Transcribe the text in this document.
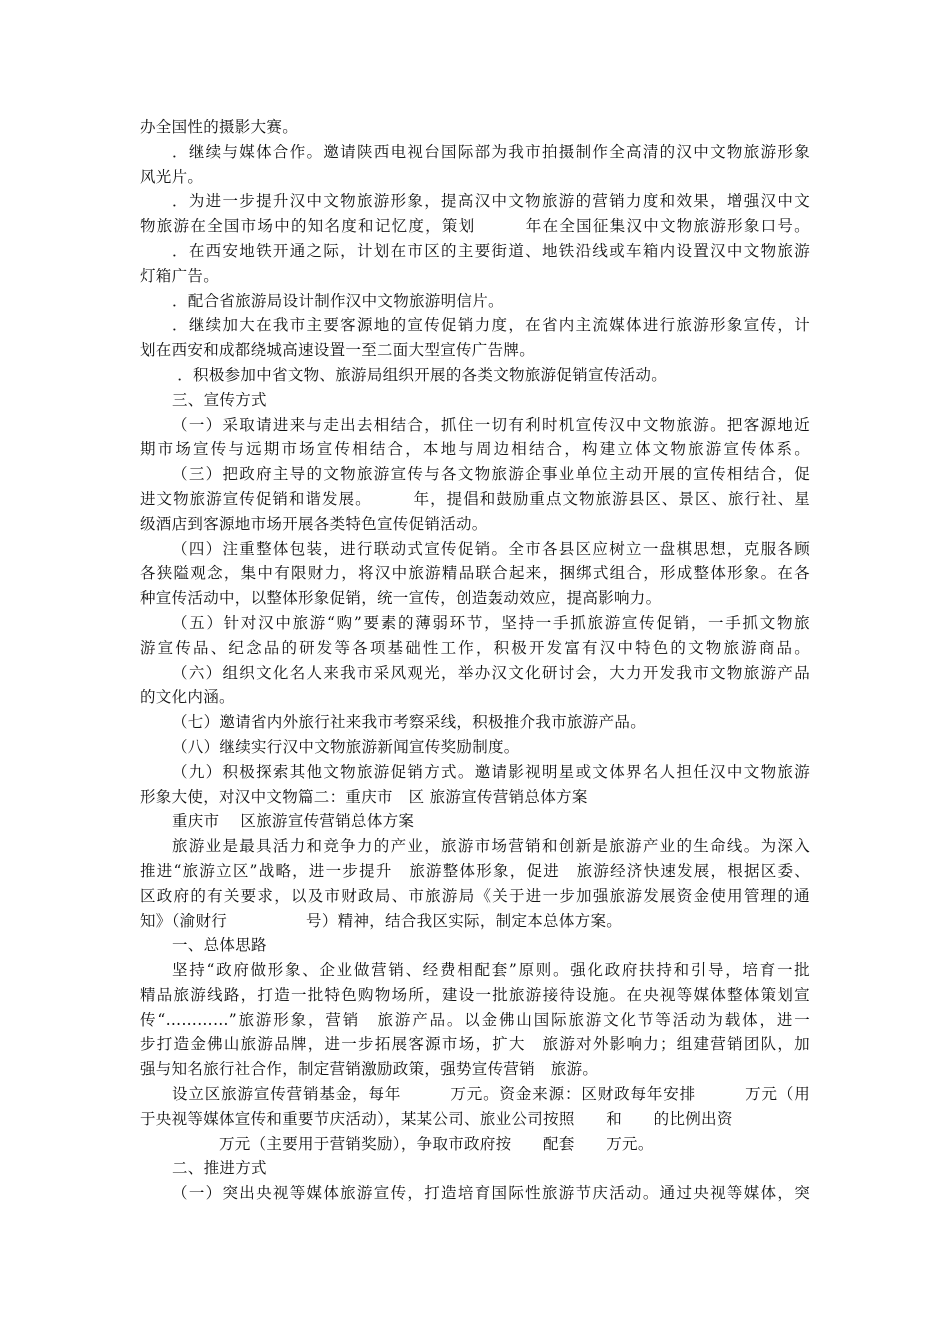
办全国性的摄影大赛。
．继续与媒体合作。邀请陕西电视台国际部为我市拍摄制作全高清的汉中文物旅游形象
风光片。
．为进一步提升汉中文物旅游形象，提高汉中文物旅游的营销力度和效果，增强汉中文
物旅游在全国市场中的知名度和记忆度，策划　　　年在全国征集汉中文物旅游形象口号。
．在西安地铁开通之际，计划在市区的主要街道、地铁沿线或车箱内设置汉中文物旅游
灯箱广告。
．配合省旅游局设计制作汉中文物旅游明信片。
．继续加大在我市主要客源地的宣传促销力度，在省内主流媒体进行旅游形象宣传，计
划在西安和成都绕城高速设置一至二面大型宣传广告牌。
．积极参加中省文物、旅游局组织开展的各类文物旅游促销宣传活动。
三、宣传方式
（一）采取请进来与走出去相结合，抓住一切有利时机宣传汉中文物旅游。把客源地近
期市场宣传与远期市场宣传相结合，本地与周边相结合，构建立体文物旅游宣传体系。
（三）把政府主导的文物旅游宣传与各文物旅游企事业单位主动开展的宣传相结合，促
进文物旅游宣传促销和谐发展。　　　年，提倡和鼓励重点文物旅游县区、景区、旅行社、星
级酒店到客源地市场开展各类特色宣传促销活动。
（四）注重整体包装，进行联动式宣传促销。全市各县区应树立一盘棋思想，克服各顾
各狭隘观念，集中有限财力，将汉中旅游精品联合起来，捆绑式组合，形成整体形象。在各
种宣传活动中，以整体形象促销，统一宣传，创造轰动效应，提高影响力。
（五）针对汉中旅游“购”要素的薄弱环节，坚持一手抓旅游宣传促销，一手抓文物旅
游宣传品、纪念品的研发等各项基础性工作，积极开发富有汉中特色的文物旅游商品。
（六）组织文化名人来我市采风观光，举办汉文化研讨会，大力开发我市文物旅游产品
的文化内涵。
（七）邀请省内外旅行社来我市考察采线，积极推介我市旅游产品。
（八）继续实行汉中文物旅游新闻宣传奖励制度。
（九）积极探索其他文物旅游促销方式。邀请影视明星或文体界名人担任汉中文物旅游
形象大使，对汉中文物篇二：重庆市　区 旅游宣传营销总体方案
重庆市　 区旅游宣传营销总体方案
旅游业是最具活力和竞争力的产业，旅游市场营销和创新是旅游产业的生命线。为深入
推进“旅游立区”战略，进一步提升　旅游整体形象，促进　旅游经济快速发展，根据区委、
区政府的有关要求，以及市财政局、市旅游局《关于进一步加强旅游发展资金使用管理的通
知》（渝财行　　　　　号）精神，结合我区实际，制定本总体方案。
一、总体思路
坚持“政府做形象、企业做营销、经费相配套”原则。强化政府扶持和引导，培育一批
精品旅游线路，打造一批特色购物场所，建设一批旅游接待设施。在央视等媒体整体策划宣
传“…………”旅游形象，营销　旅游产品。以金佛山国际旅游文化节等活动为载体，进一
步打造金佛山旅游品牌，进一步拓展客源市场，扩大　旅游对外影响力；组建营销团队，加
强与知名旅行社合作，制定营销激励政策，强势宣传营销　旅游。
设立区旅游宣传营销基金，每年　　　万元。资金来源：区财政每年安排　　　万元（用
于央视等媒体宣传和重要节庆活动），某某公司、旅业公司按照　　和　　的比例出资
　　　　　万元（主要用于营销奖励），争取市政府按　　配套　　万元。
二、推进方式
（一）突出央视等媒体旅游宣传，打造培育国际性旅游节庆活动。通过央视等媒体，突
